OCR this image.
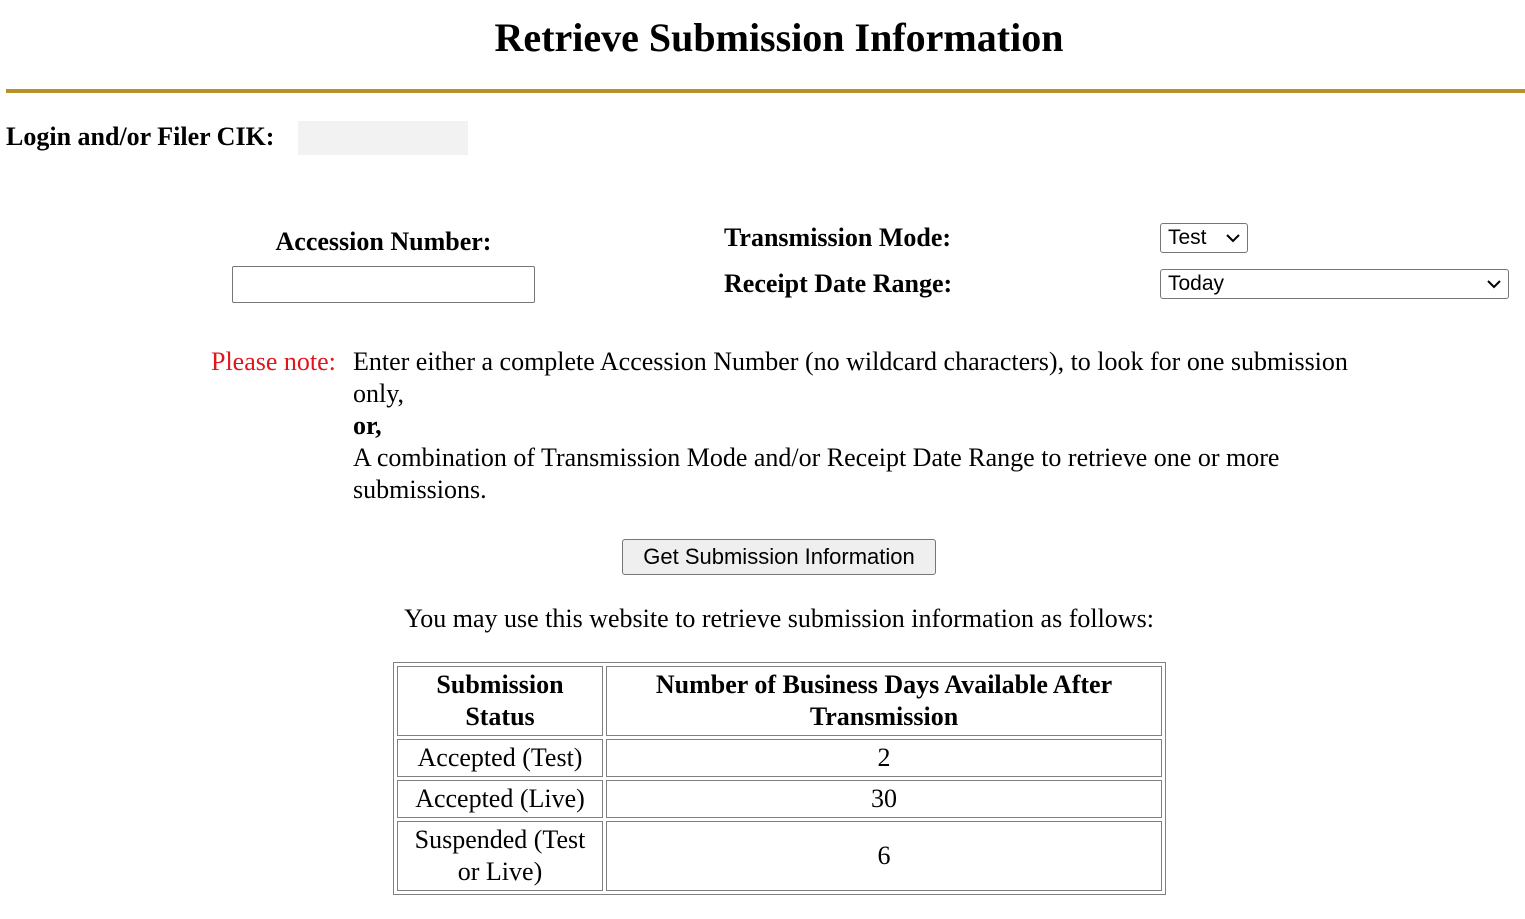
Retrieve Submission Information
Login and/or Filer CIK:
Accession Number:	Transmission Mode:	Test
Receipt Date Range:	Today
Please note: Enter either a complete Accession Number (no wildcard characters), to look for one submission only,
or,
A combination of Transmission Mode and/or Receipt Date Range to retrieve one or more submissions.
Get Submission Information
You may use this website to retrieve submission information as follows:
Submission Status	Number of Business Days Available After Transmission
Accepted (Test)	2
Accepted (Live)	30
Suspended (Test or Live)	6
